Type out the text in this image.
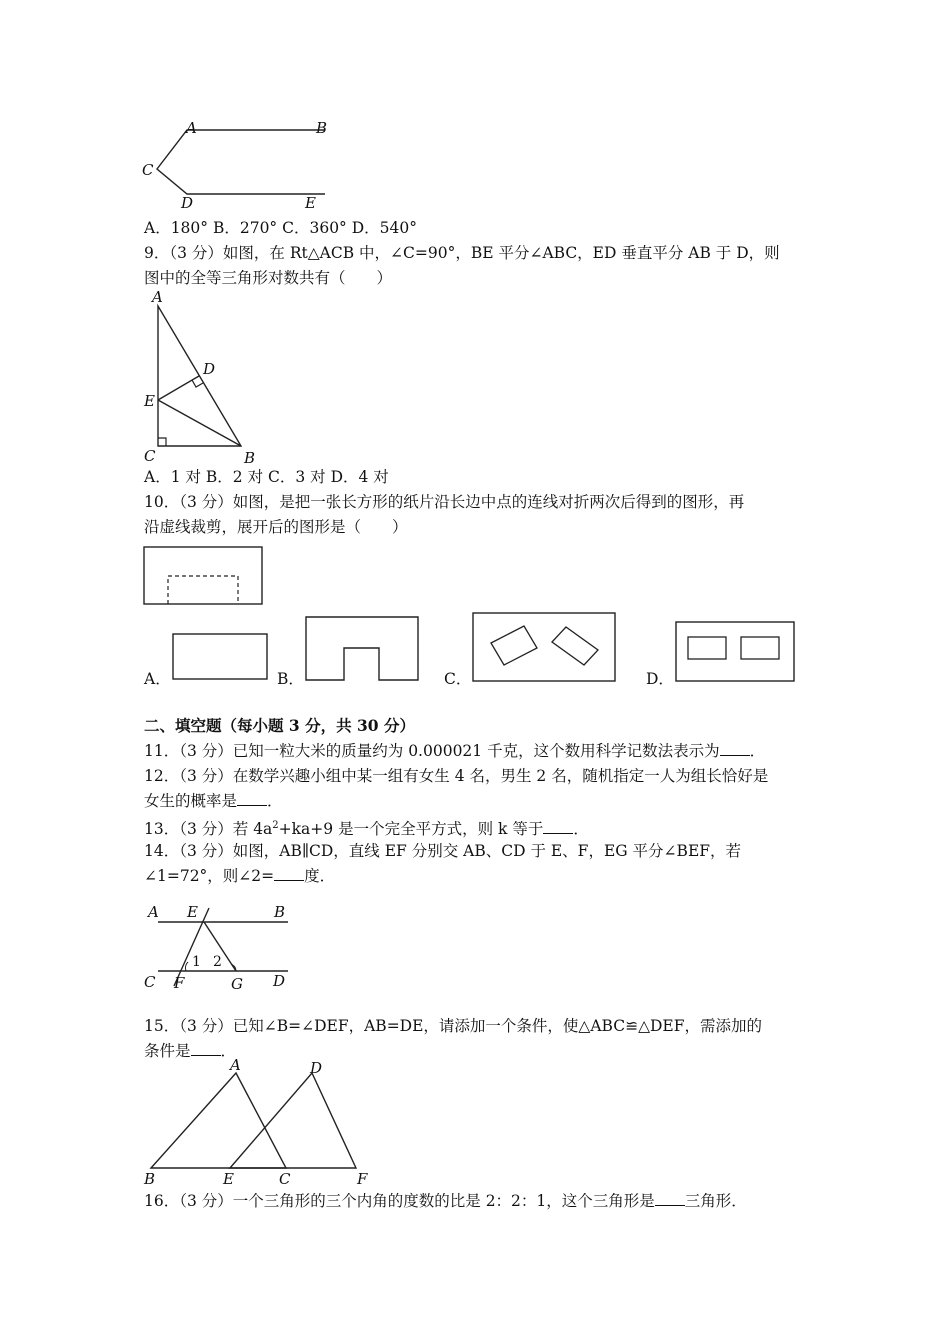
A	B
C
D	E
A．180° B．270° C．360° D．540°
9．（3 分）如图，在 Rt△ACB 中，∠C=90°，BE 平分∠ABC，ED 垂直平分 AB 于 D，则
图中的全等三角形对数共有（　　）
A
D
E
C	B
A．1 对 B．2 对 C．3 对 D．4 对
10．（3 分）如图，是把一张长方形的纸片沿长边中点的连线对折两次后得到的图形，再
沿虚线裁剪，展开后的图形是（　　）
A．	B．	C．	D．
二、填空题（每小题 3 分，共 30 分）
11．（3 分）已知一粒大米的质量约为 0.000021 千克，这个数用科学记数法表示为 ．
12．（3 分）在数学兴趣小组中某一组有女生 4 名，男生 2 名，随机指定一人为组长恰好是
女生的概率是 ．
13．（3 分）若 $4a^2+ka+9$ 是一个完全平方式，则 k 等于 ．
14．（3 分）如图，AB∥CD，直线 EF 分别交 AB、CD 于 E、F，EG 平分∠BEF，若
∠1=72°，则∠2= 度．
A E	B
1 2
C F	G D
15．（3 分）已知∠B=∠DEF，AB=DE，请添加一个条件，使△ABC≌△DEF，需添加的
条件是 ．
A	D
B	E	C	F
16．（3 分）一个三角形的三个内角的度数的比是 2：2：1，这个三角形是 三角形．
